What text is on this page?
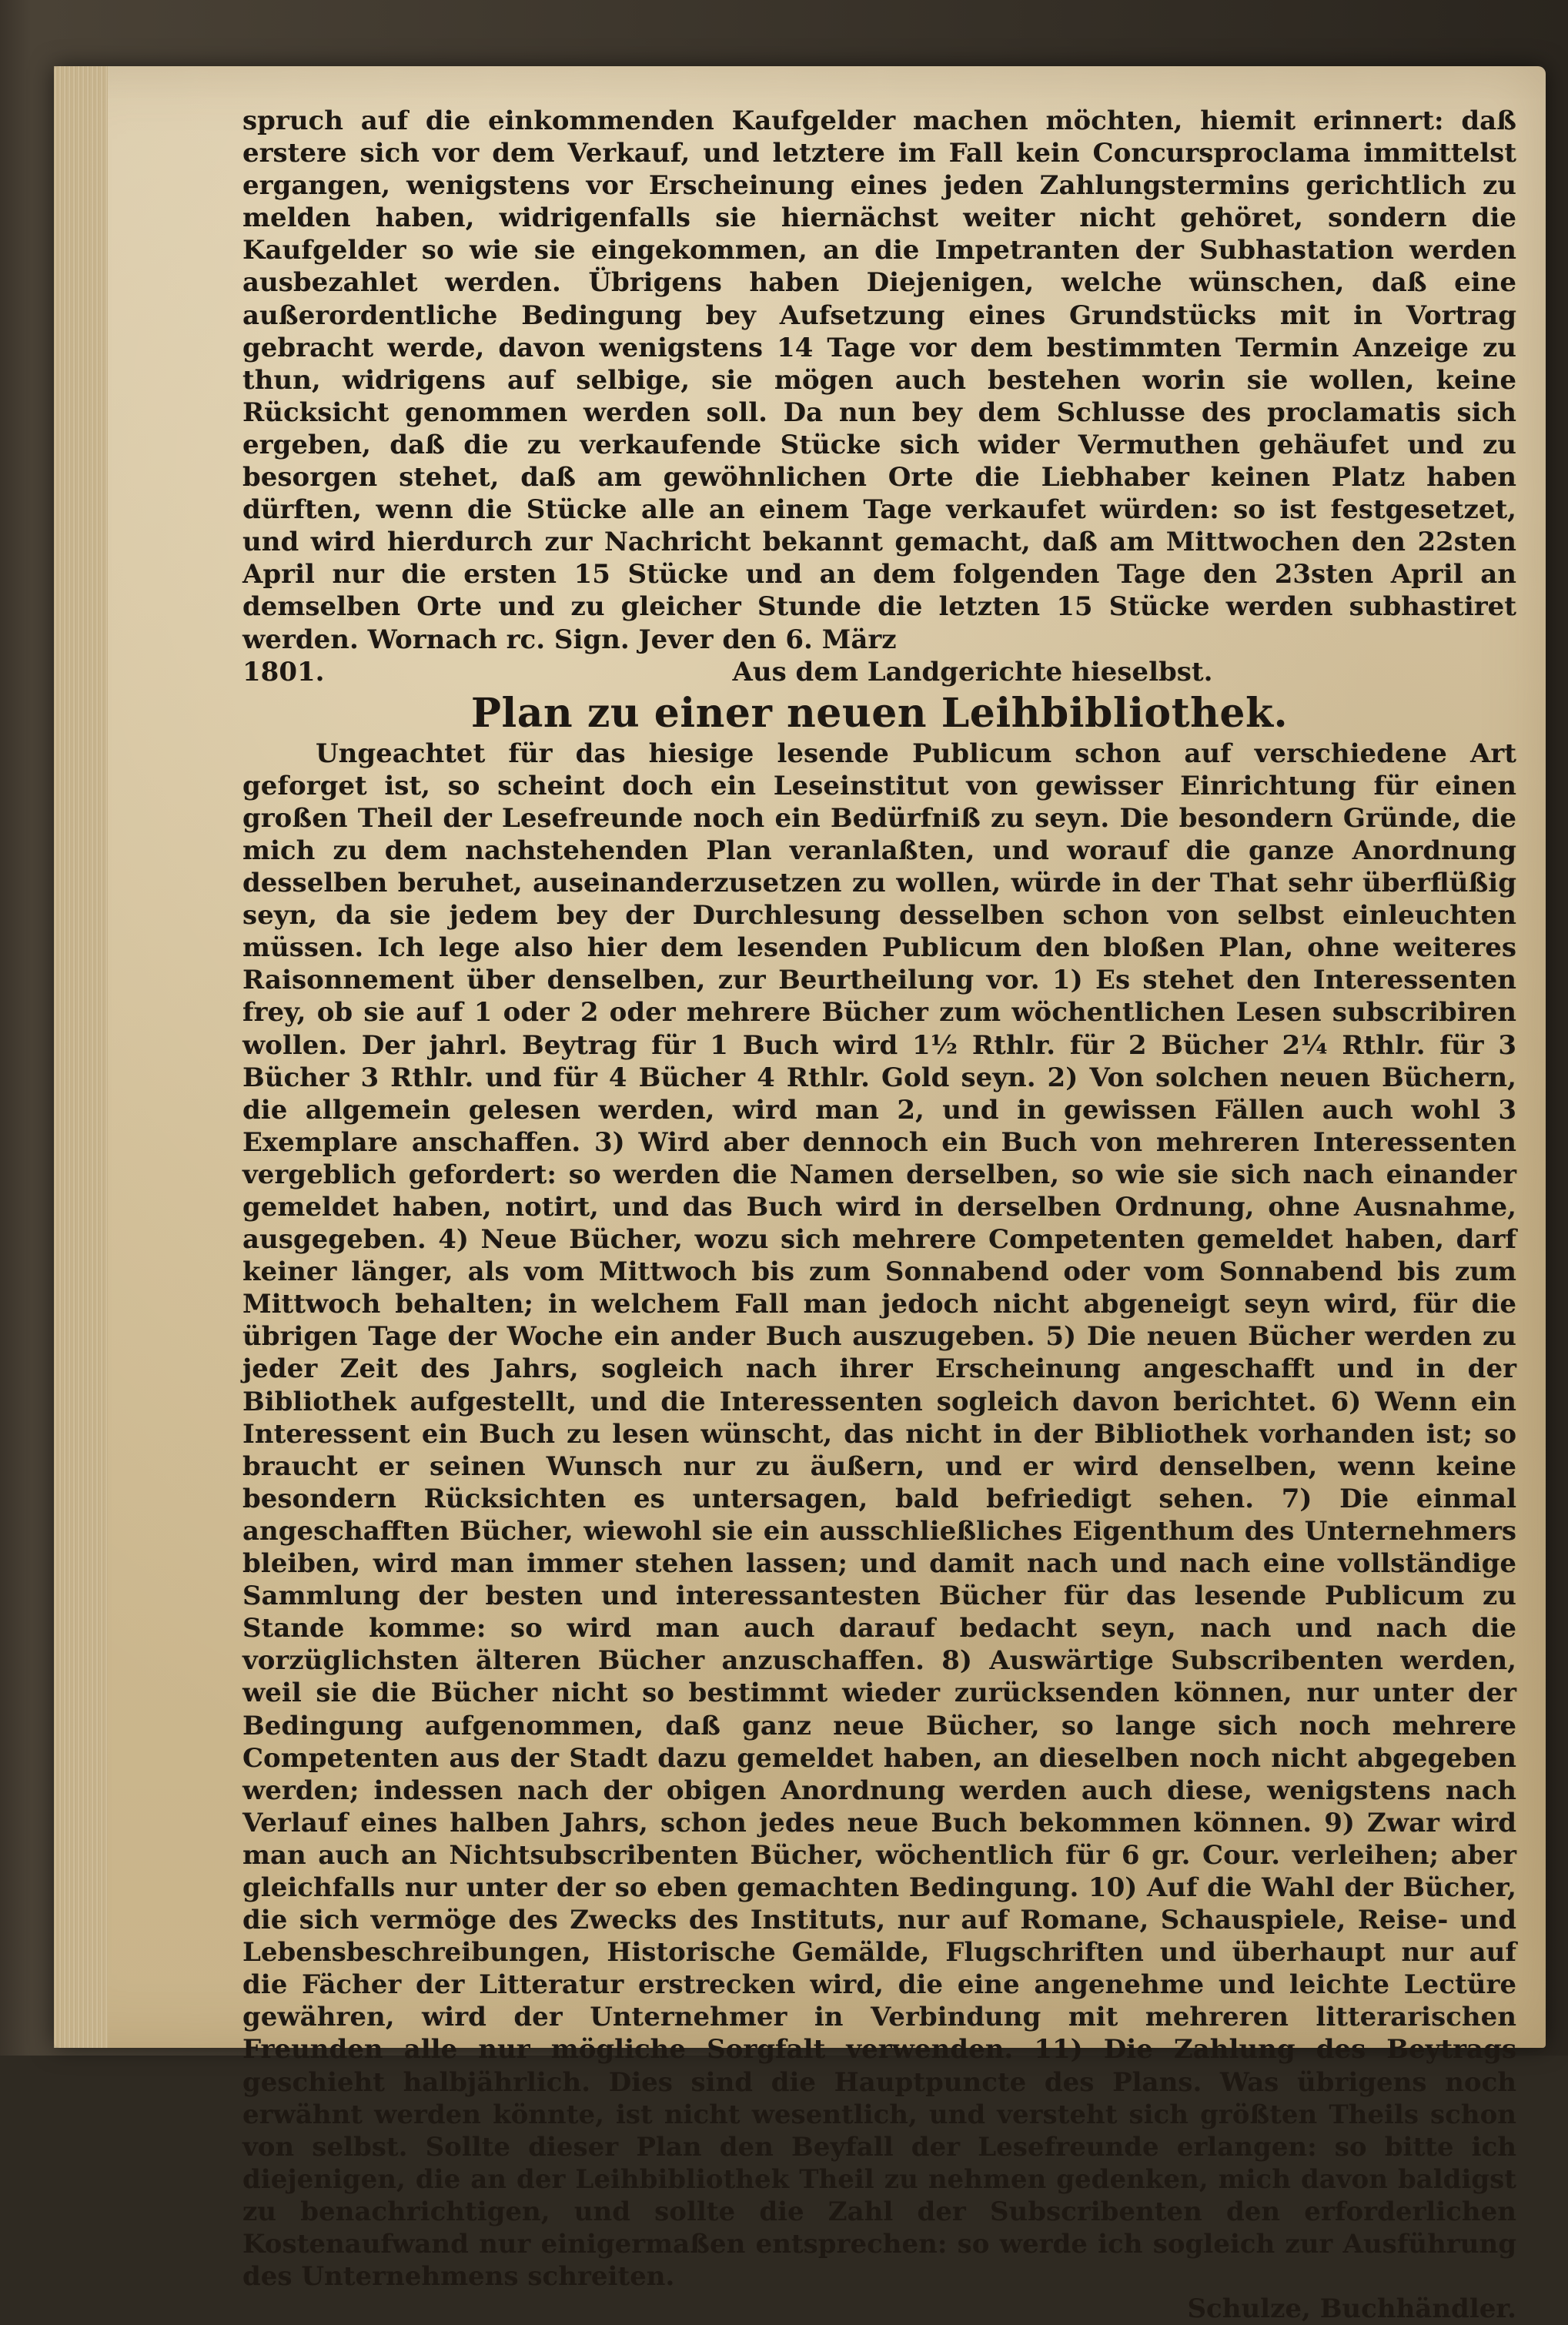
spruch auf die einkommenden Kaufgelder machen möchten, hiemit erinnert: daß erstere sich vor dem Verkauf, und letztere im Fall kein Concursproclama immittelst ergangen, wenigstens vor Erscheinung eines jeden Zahlungstermins gerichtlich zu melden haben, widrigenfalls sie hiernächst weiter nicht gehöret, sondern die Kaufgelder so wie sie eingekommen, an die Impetranten der Subhastation werden ausbezahlet werden. Übrigens haben Diejenigen, welche wünschen, daß eine außerordentliche Bedingung bey Aufsetzung eines Grundstücks mit in Vortrag gebracht werde, davon wenigstens 14 Tage vor dem bestimmten Termin Anzeige zu thun, widrigens auf selbige, sie mögen auch bestehen worin sie wollen, keine Rücksicht genommen werden soll. Da nun bey dem Schlusse des proclamatis sich ergeben, daß die zu verkaufende Stücke sich wider Vermuthen gehäufet und zu besorgen stehet, daß am gewöhnlichen Orte die Liebhaber keinen Platz haben dürften, wenn die Stücke alle an einem Tage verkaufet würden: so ist festgesetzet, und wird hierdurch zur Nachricht bekannt gemacht, daß am Mittwochen den 22sten April nur die ersten 15 Stücke und an dem folgenden Tage den 23sten April an demselben Orte und zu gleicher Stunde die letzten 15 Stücke werden subhastiret werden. Wornach rc. Sign. Jever den 6. März

1801.	Aus dem Landgerichte hieselbst.
Plan zu einer neuen Leihbibliothek.

Ungeachtet für das hiesige lesende Publicum schon auf verschiedene Art geforget ist, so scheint doch ein Leseinstitut von gewisser Einrichtung für einen großen Theil der Lesefreunde noch ein Bedürfniß zu seyn. Die besondern Gründe, die mich zu dem nachstehenden Plan veranlaßten, und worauf die ganze Anordnung desselben beruhet, auseinanderzusetzen zu wollen, würde in der That sehr überflüßig seyn, da sie jedem bey der Durchlesung desselben schon von selbst einleuchten müssen. Ich lege also hier dem lesenden Publicum den bloßen Plan, ohne weiteres Raisonnement über denselben, zur Beurtheilung vor. 1) Es stehet den Interessenten frey, ob sie auf 1 oder 2 oder mehrere Bücher zum wöchentlichen Lesen subscribiren wollen. Der jahrl. Beytrag für 1 Buch wird 1½ Rthlr. für 2 Bücher 2¼ Rthlr. für 3 Bücher 3 Rthlr. und für 4 Bücher 4 Rthlr. Gold seyn. 2) Von solchen neuen Büchern, die allgemein gelesen werden, wird man 2, und in gewissen Fällen auch wohl 3 Exemplare anschaffen. 3) Wird aber dennoch ein Buch von mehreren Interessenten vergeblich gefordert: so werden die Namen derselben, so wie sie sich nach einander gemeldet haben, notirt, und das Buch wird in derselben Ordnung, ohne Ausnahme, ausgegeben. 4) Neue Bücher, wozu sich mehrere Competenten gemeldet haben, darf keiner länger, als vom Mittwoch bis zum Sonnabend oder vom Sonnabend bis zum Mittwoch behalten; in welchem Fall man jedoch nicht abgeneigt seyn wird, für die übrigen Tage der Woche ein ander Buch auszugeben. 5) Die neuen Bücher werden zu jeder Zeit des Jahrs, sogleich nach ihrer Erscheinung angeschafft und in der Bibliothek aufgestellt, und die Interessenten sogleich davon berichtet. 6) Wenn ein Interessent ein Buch zu lesen wünscht, das nicht in der Bibliothek vorhanden ist; so braucht er seinen Wunsch nur zu äußern, und er wird denselben, wenn keine besondern Rücksichten es untersagen, bald befriedigt sehen. 7) Die einmal angeschafften Bücher, wiewohl sie ein ausschließliches Eigenthum des Unternehmers bleiben, wird man immer stehen lassen; und damit nach und nach eine vollständige Sammlung der besten und interessantesten Bücher für das lesende Publicum zu Stande komme: so wird man auch darauf bedacht seyn, nach und nach die vorzüglichsten älteren Bücher anzuschaffen. 8) Auswärtige Subscribenten werden, weil sie die Bücher nicht so bestimmt wieder zurücksenden können, nur unter der Bedingung aufgenommen, daß ganz neue Bücher, so lange sich noch mehrere Competenten aus der Stadt dazu gemeldet haben, an dieselben noch nicht abgegeben werden; indessen nach der obigen Anordnung werden auch diese, wenigstens nach Verlauf eines halben Jahrs, schon jedes neue Buch bekommen können. 9) Zwar wird man auch an Nichtsubscribenten Bücher, wöchentlich für 6 gr. Cour. verleihen; aber gleichfalls nur unter der so eben gemachten Bedingung. 10) Auf die Wahl der Bücher, die sich vermöge des Zwecks des Instituts, nur auf Romane, Schauspiele, Reise- und Lebensbeschreibungen, Historische Gemälde, Flugschriften und überhaupt nur auf die Fächer der Litteratur erstrecken wird, die eine angenehme und leichte Lectüre gewähren, wird der Unternehmer in Verbindung mit mehreren litterarischen Freunden alle nur mögliche Sorgfalt verwenden. 11) Die Zahlung des Beytrags geschieht halbjährlich. Dies sind die Hauptpuncte des Plans. Was übrigens noch erwähnt werden könnte, ist nicht wesentlich, und versteht sich größten Theils schon von selbst. Sollte dieser Plan den Beyfall der Lesefreunde erlangen: so bitte ich diejenigen, die an der Leihbibliothek Theil zu nehmen gedenken, mich davon baldigst zu benachrichtigen, und sollte die Zahl der Subscribenten den erforderlichen Kostenaufwand nur einigermaßen entsprechen: so werde ich sogleich zur Ausführung des Unternehmens schreiten.

Schulze, Buchhändler.
